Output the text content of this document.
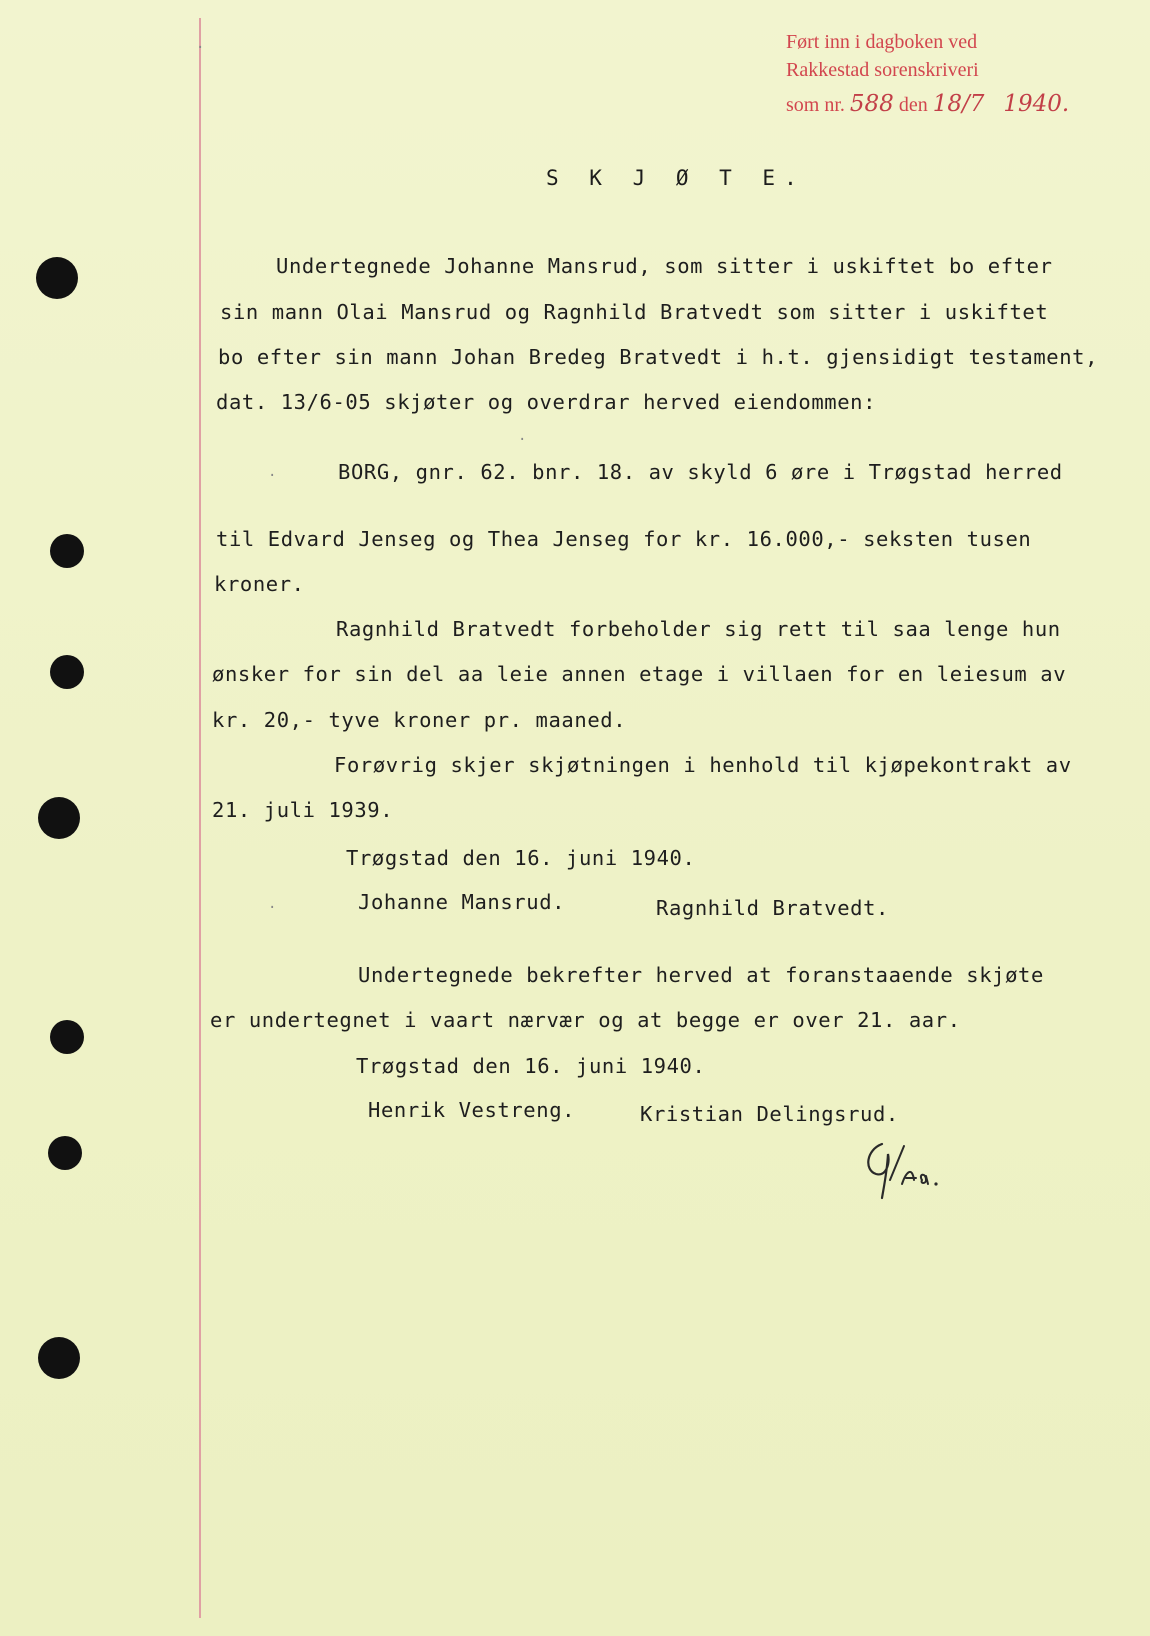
Ført inn i dagboken ved
Rakkestad sorenskriveri
som nr. 588 den 18/7 1940.
S K J Ø T E.
Undertegnede Johanne Mansrud, som sitter i uskiftet bo efter
sin mann Olai Mansrud og Ragnhild Bratvedt som sitter i uskiftet
bo efter sin mann Johan Bredeg Bratvedt i h.t. gjensidigt testament,
dat. 13/6-05 skjøter og overdrar herved eiendommen:
BORG, gnr. 62. bnr. 18. av skyld 6 øre i Trøgstad herred
til Edvard Jenseg og Thea Jenseg for kr. 16.000,- seksten tusen
kroner.
Ragnhild Bratvedt forbeholder sig rett til saa lenge hun
ønsker for sin del aa leie annen etage i villaen for en leiesum av
kr. 20,- tyve kroner pr. maaned.
Forøvrig skjer skjøtningen i henhold til kjøpekontrakt av
21. juli 1939.
Trøgstad den 16. juni 1940.
Johanne Mansrud.	Ragnhild Bratvedt.
Undertegnede bekrefter herved at foranstaaende skjøte
er undertegnet i vaart nærvær og at begge er over 21. aar.
Trøgstad den 16. juni 1940.
Henrik Vestreng.	Kristian Delingsrud.
·
·
·
·
